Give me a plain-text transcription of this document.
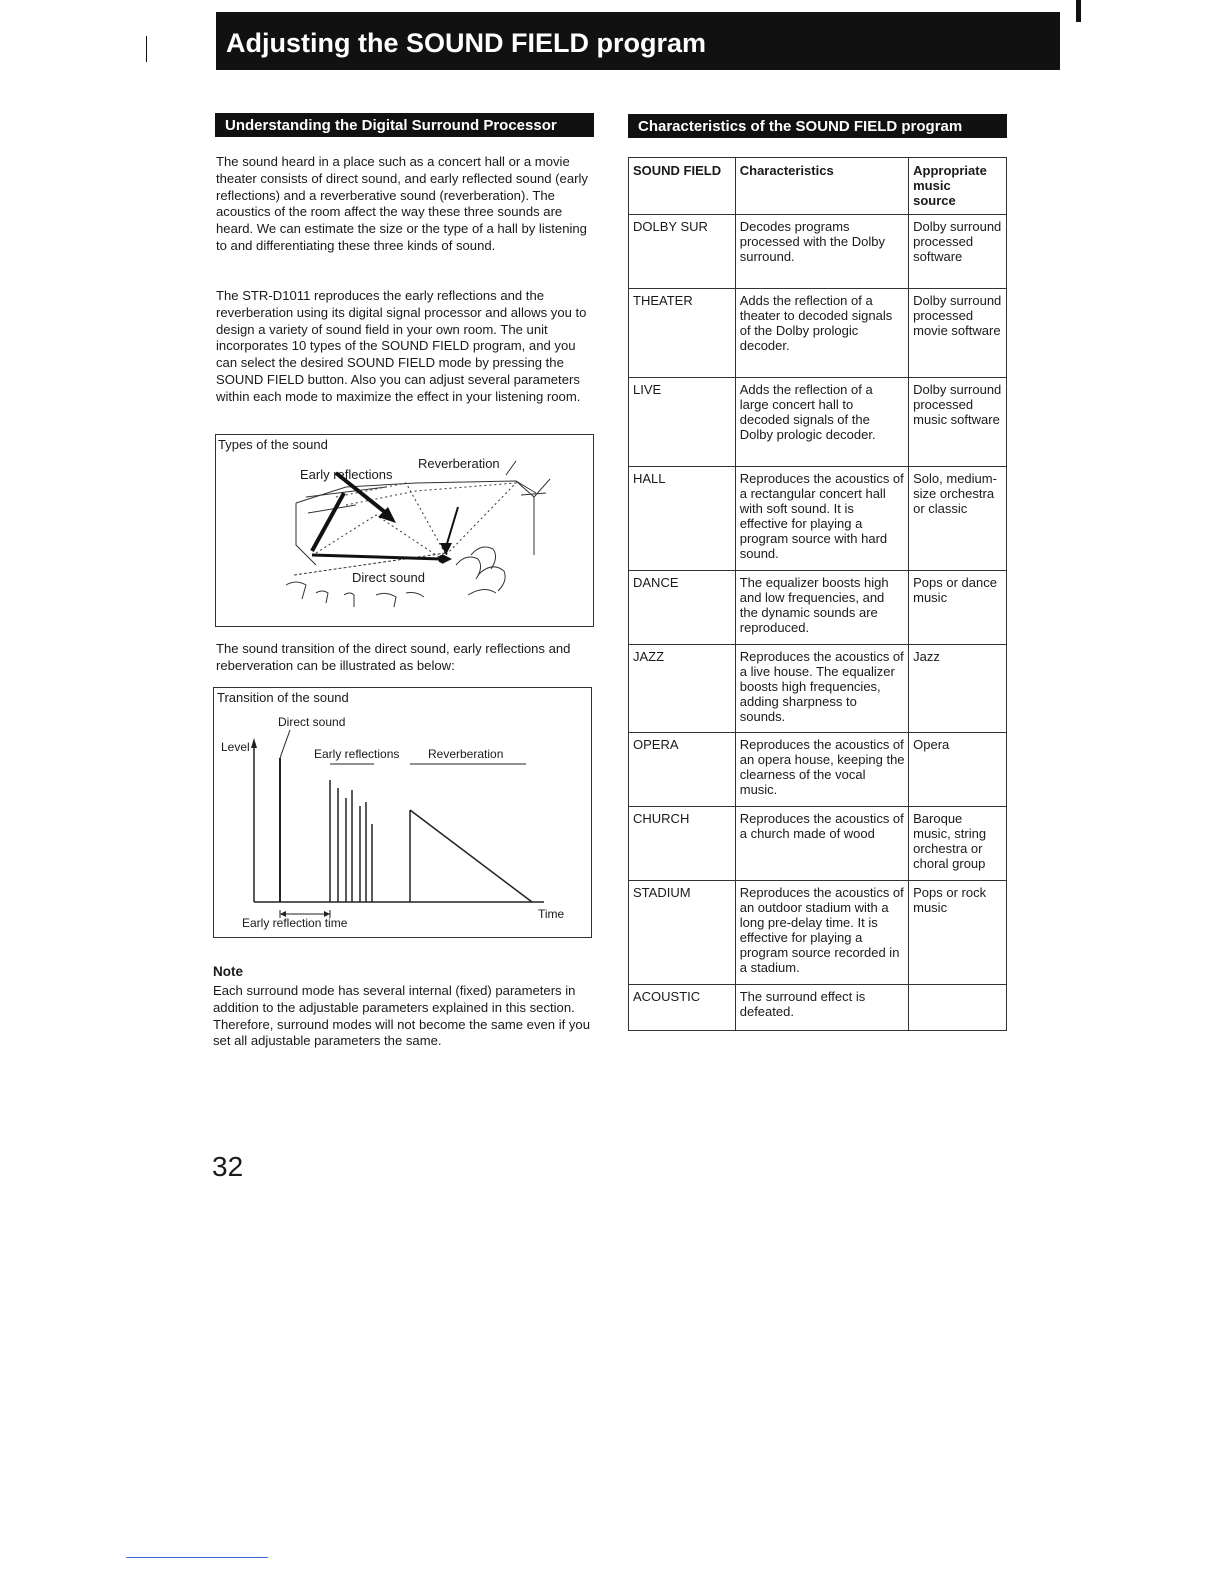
Adjusting the SOUND FIELD program
Understanding the Digital Surround Processor

The sound heard in a place such as a concert hall or a movie theater consists of direct sound, and early reflected sound (early reflections) and a reverberative sound (reverberation). The acoustics of the room affect the way these three sounds are heard. We can estimate the size or the type of a hall by listening to and differentiating these three kinds of sound.

The STR-D1011 reproduces the early reflections and the reverberation using its digital signal processor and allows you to design a variety of sound field in your own room. The unit incorporates 10 types of the SOUND FIELD program, and you can select the desired SOUND FIELD mode by pressing the SOUND FIELD button. Also you can adjust several parameters within each mode to maximize the effect in your listening room.

Types of the sound
Reverberation
Early reflections
Direct sound

The sound transition of the direct sound, early reflections and reberveration can be illustrated as below:

Transition of the sound
Direct sound
Level	Early reflections Reverberation
Time
Early reflection time
Note

Each surround mode has several internal (fixed) parameters in addition to the adjustable parameters explained in this section. Therefore, surround modes will not become the same even if you set all adjustable parameters the same.

Characteristics of the SOUND FIELD program
SOUND FIELD	Characteristics	Appropriate
music
source
DOLBY SUR	Decodes programs processed with the Dolby surround.	Dolby surround processed software
THEATER	Adds the reflection of a theater to decoded signals of the Dolby prologic decoder.	Dolby surround processed movie software
LIVE	Adds the reflection of a large concert hall to decoded signals of the Dolby prologic decoder.	Dolby surround processed music software
HALL	Reproduces the acoustics of a rectangular concert hall with soft sound. It is effective for playing a program source with hard sound.	Solo, medium-size orchestra or classic
DANCE	The equalizer boosts high and low frequencies, and the dynamic sounds are reproduced.	Pops or dance music
JAZZ	Reproduces the acoustics of a live house. The equalizer boosts high frequencies, adding sharpness to sounds.	Jazz
OPERA	Reproduces the acoustics of an opera house, keeping the clearness of the vocal music.	Opera
CHURCH	Reproduces the acoustics of a church made of wood	Baroque music, string orchestra or choral group
STADIUM	Reproduces the acoustics of an outdoor stadium with a long pre-delay time. It is effective for playing a program source recorded in a stadium.	Pops or rock music
ACOUSTIC	The surround effect is defeated.	
32
